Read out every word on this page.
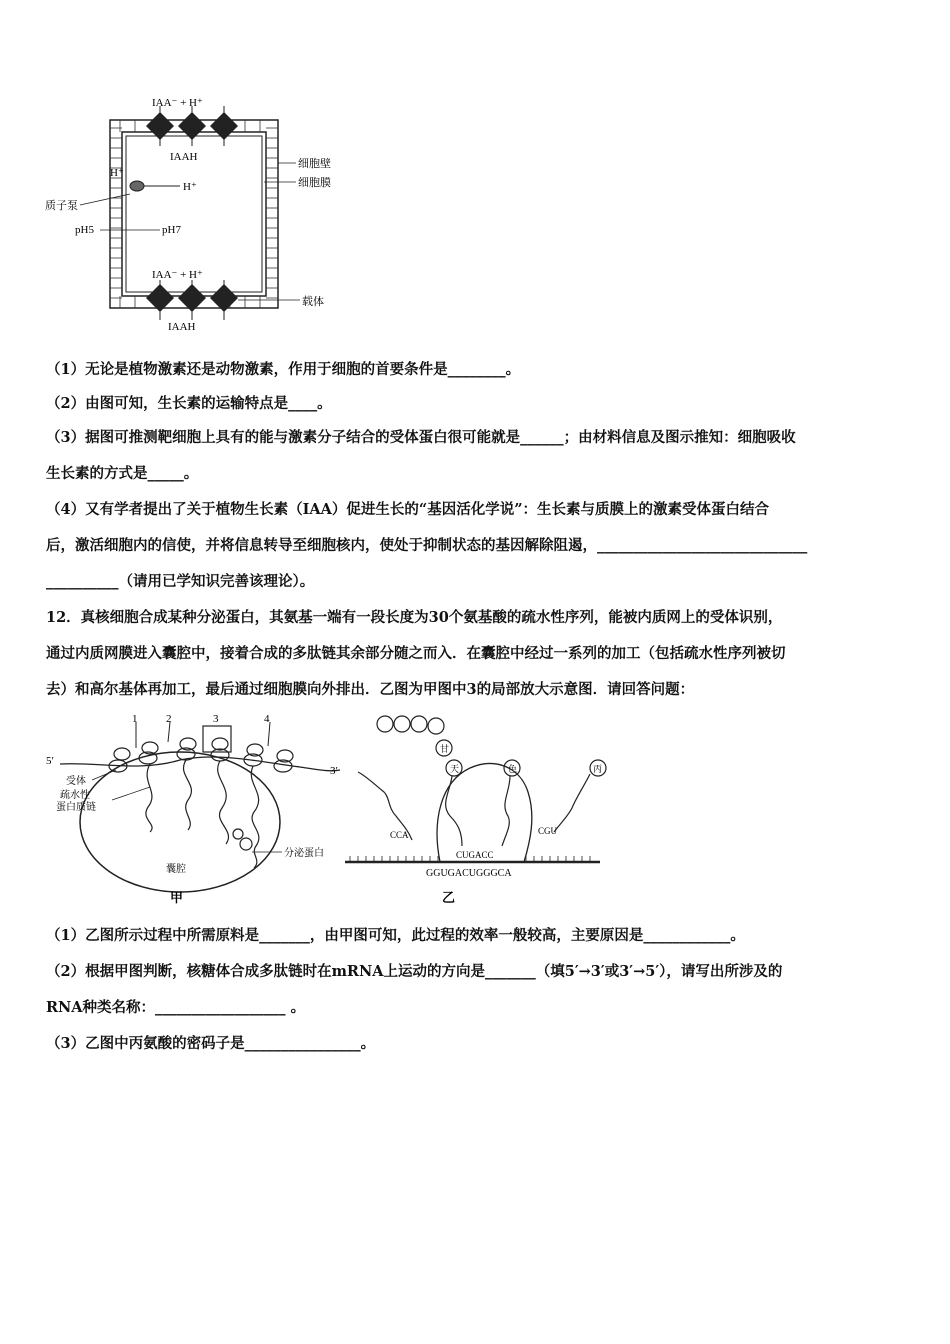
IAA⁻ + H⁺
IAAH
IAA⁻ + H⁺
IAAH
H⁺
H⁺
质子泵
pH5	pH7
细胞壁
细胞膜
载体
（1）无论是植物激素还是动物激素，作用于细胞的首要条件是________。
（2）由图可知，生长素的运输特点是____。
（3）据图可推测靶细胞上具有的能与激素分子结合的受体蛋白很可能就是______；由材料信息及图示推知：细胞吸收
生长素的方式是_____。
（4）又有学者提出了关于植物生长素（IAA）促进生长的“基因活化学说”：生长素与质膜上的激素受体蛋白结合
后，激活细胞内的信使，并将信息转导至细胞核内，使处于抑制状态的基因解除阻遏，_____________________________
__________（请用已学知识完善该理论）。
12．真核细胞合成某种分泌蛋白，其氨基一端有一段长度为30个氨基酸的疏水性序列，能被内质网上的受体识别，
通过内质网膜进入囊腔中，接着合成的多肽链其余部分随之而入．在囊腔中经过一系列的加工（包括疏水性序列被切
去）和高尔基体再加工，最后通过细胞膜向外排出．乙图为甲图中3的局部放大示意图．请回答问题：
1	2	3	4
5′
3′
受体
疏水性
蛋白质链
分泌蛋白
囊腔
甲
甘
天	色	丙
CCA
CUGACC
CGU
GGUGACUGGGCA
乙
（1）乙图所示过程中所需原料是_______，由甲图可知，此过程的效率一般较高，主要原因是____________。
（2）根据甲图判断，核糖体合成多肽链时在mRNA上运动的方向是_______（填5′→3′或3′→5′），请写出所涉及的
RNA种类名称：__________________ 。
（3）乙图中丙氨酸的密码子是________________。
